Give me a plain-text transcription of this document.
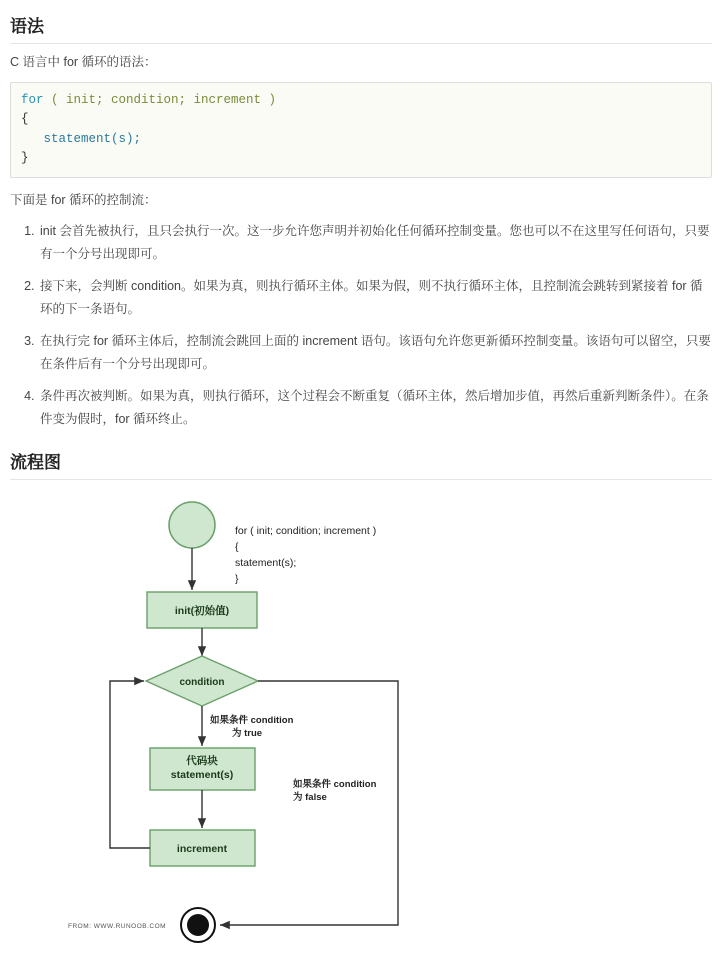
语法

C 语言中 for 循环的语法：

for ( init; condition; increment )
{
statement(s);
}

下面是 for 循环的控制流：

1. init 会首先被执行，且只会执行一次。这一步允许您声明并初始化任何循环控制变量。您也可以不在这里写任何语句，只要有一个分号出现即可。
2. 接下来，会判断 condition。如果为真，则执行循环主体。如果为假，则不执行循环主体，且控制流会跳转到紧接着 for 循环的下一条语句。
3. 在执行完 for 循环主体后，控制流会跳回上面的 increment 语句。该语句允许您更新循环控制变量。该语句可以留空，只要在条件后有一个分号出现即可。
4. 条件再次被判断。如果为真，则执行循环，这个过程会不断重复（循环主体，然后增加步值，再然后重新判断条件）。在条件变为假时，for 循环终止。
流程图
for ( init; condition; increment )
{
statement(s);
}
init(初始值)
condition
如果条件 condition
为 true
代码块
statement(s)
increment
如果条件 condition
为 false
FROM: WWW.RUNOOB.COM
